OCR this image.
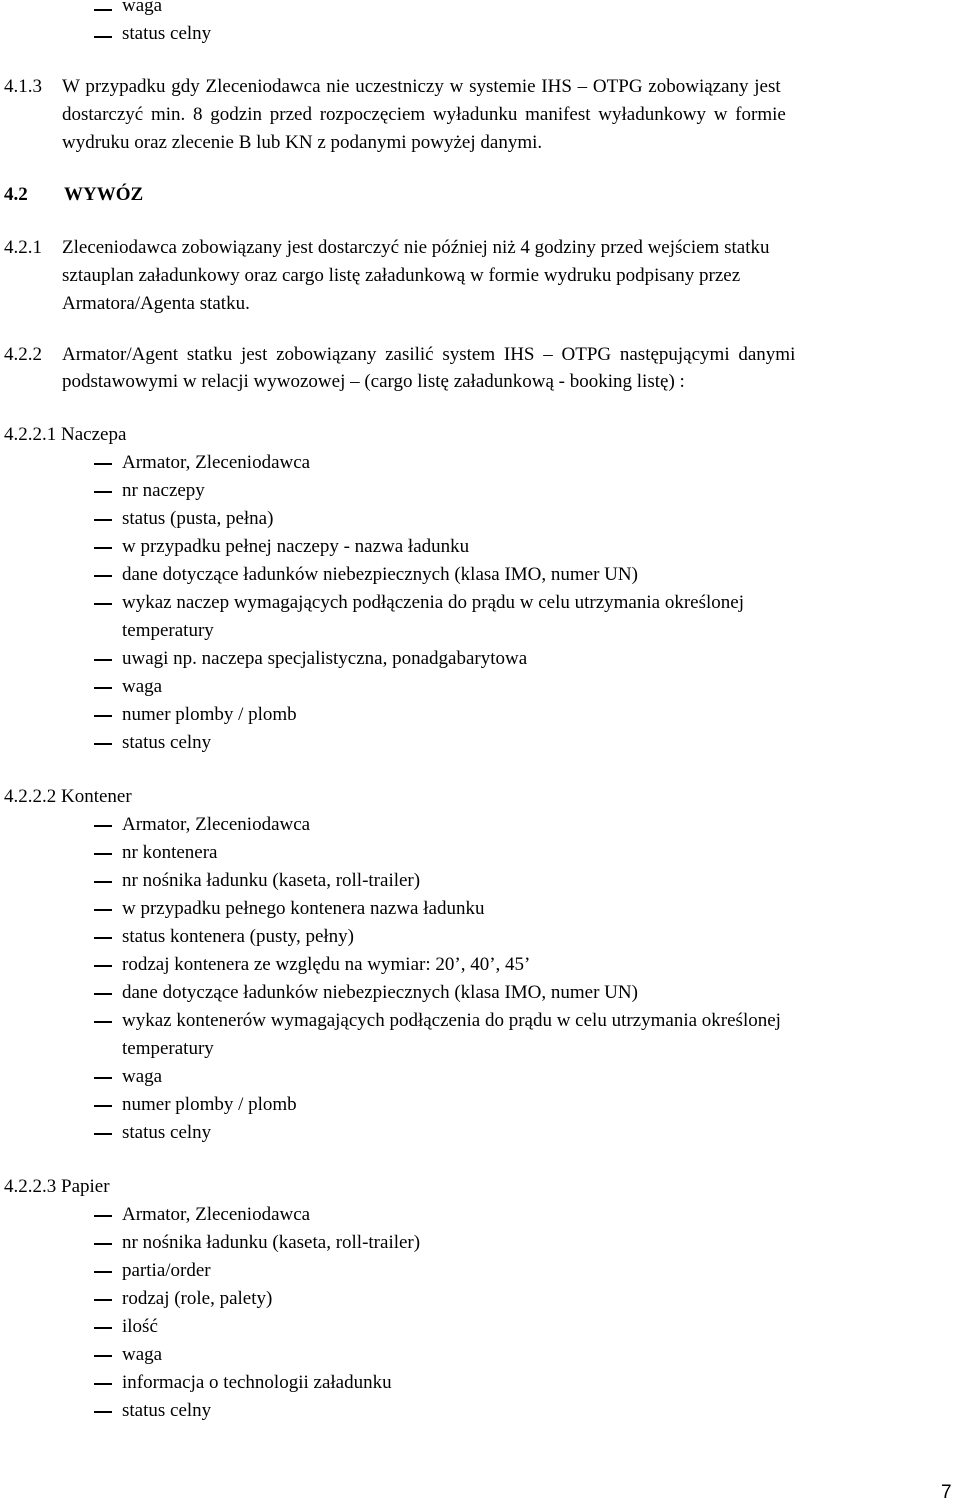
waga
status celny
4.1.3 W przypadku gdy Zleceniodawca nie uczestniczy w systemie IHS – OTPG zobowiązany jest
dostarczyć min. 8 godzin przed rozpoczęciem wyładunku manifest wyładunkowy w formie
wydruku oraz zlecenie B lub KN z podanymi powyżej danymi.
4.2 WYWÓZ
4.2.1 Zleceniodawca zobowiązany jest dostarczyć nie później niż 4 godziny przed wejściem statku
sztauplan załadunkowy oraz cargo listę załadunkową w formie wydruku podpisany przez
Armatora/Agenta statku.
4.2.2 Armator/Agent statku jest zobowiązany zasilić system IHS – OTPG następującymi danymi
podstawowymi w relacji wywozowej – (cargo listę załadunkową - booking listę) :
4.2.2.1 Naczepa
Armator, Zleceniodawca
nr naczepy
status (pusta, pełna)
w przypadku pełnej naczepy - nazwa ładunku
dane dotyczące ładunków niebezpiecznych (klasa IMO, numer UN)
wykaz naczep wymagających podłączenia do prądu w celu utrzymania określonej
temperatury
uwagi np. naczepa specjalistyczna, ponadgabarytowa
waga
numer plomby / plomb
status celny
4.2.2.2 Kontener
Armator, Zleceniodawca
nr kontenera
nr nośnika ładunku (kaseta, roll-trailer)
w przypadku pełnego kontenera nazwa ładunku
status kontenera (pusty, pełny)
rodzaj kontenera ze względu na wymiar: 20’, 40’, 45’
dane dotyczące ładunków niebezpiecznych (klasa IMO, numer UN)
wykaz kontenerów wymagających podłączenia do prądu w celu utrzymania określonej
temperatury
waga
numer plomby / plomb
status celny
4.2.2.3 Papier
Armator, Zleceniodawca
nr nośnika ładunku (kaseta, roll-trailer)
partia/order
rodzaj (role, palety)
ilość
waga
informacja o technologii załadunku
status celny
7
